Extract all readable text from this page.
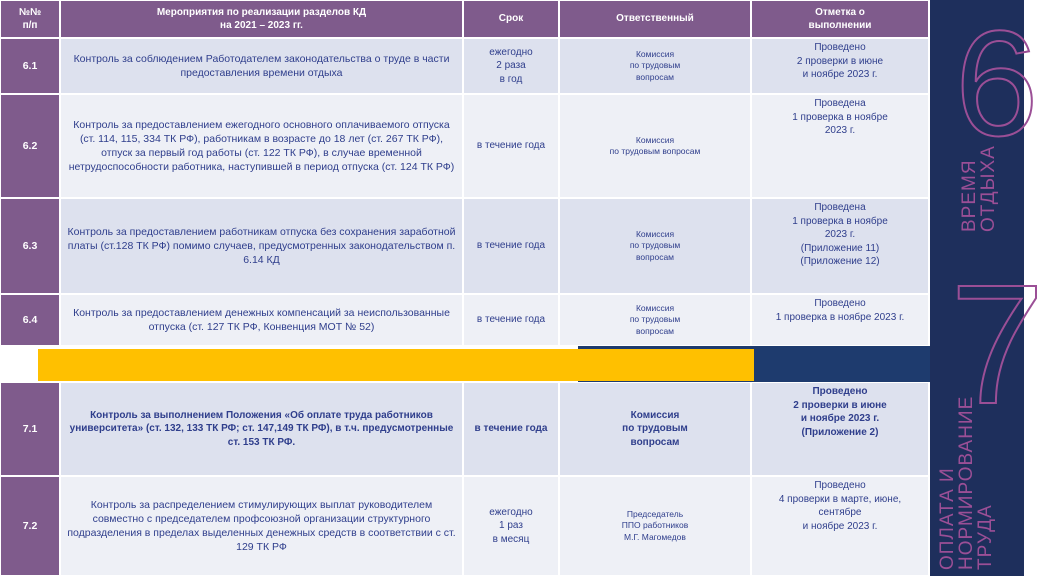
6
ВРЕМЯ
ОТДЫХА
7
ОПЛАТА И
НОРМИРОВАНИЕ
ТРУДА
№№
п/п
Мероприятия по реализации разделов КД
на 2021 – 2023 гг.
Срок	Ответственный
Отметка о
выполнении
6.1
Контроль за соблюдением Работодателем законодательства о труде в части предоставления времени отдыха
ежегодно
2 раза
в год
Комиссия
по трудовым
вопросам
Проведено
2 проверки в июне
и ноябре 2023 г.
6.2
Контроль за предоставлением ежегодного основного оплачиваемого отпуска (ст. 114, 115, 334 ТК РФ), работникам в возрасте до 18 лет (ст. 267 ТК РФ), отпуск за первый год работы (ст. 122 ТК РФ), в случае временной нетрудоспособности работника, наступившей в период отпуска (ст. 124 ТК РФ)
в течение года
Комиссия
по трудовым вопросам
Проведена
1 проверка в ноябре
2023 г.
6.3
Контроль за предоставлением работникам отпуска без сохранения заработной платы (ст.128 ТК РФ) помимо случаев, предусмотренных законодательством п. 6.14 КД
в течение года
Комиссия
по трудовым
вопросам
Проведена
1 проверка в ноябре
2023 г.
(Приложение 11)
(Приложение 12)
6.4
Контроль за предоставлением денежных компенсаций за неиспользованные отпуска (ст. 127 ТК РФ, Конвенция МОТ № 52)
в течение года
Комиссия
по трудовым
вопросам
Проведено
1 проверка в ноябре 2023 г.
7.1
Контроль за выполнением Положения «Об оплате труда работников университета» (ст. 132, 133 ТК РФ; ст. 147,149 ТК РФ), в т.ч. предусмотренные ст. 153 ТК РФ.
в течение года
Комиссия
по трудовым
вопросам
Проведено
2 проверки в июне
и ноябре 2023 г.
(Приложение 2)
7.2
Контроль за распределением стимулирующих выплат руководителем совместно с председателем профсоюзной организации структурного подразделения в пределах выделенных денежных средств в соответствии с ст. 129 ТК РФ
ежегодно
1 раз
в месяц
Председатель
ППО работников
М.Г. Магомедов
Проведено
4 проверки в марте, июне,
сентябре
и ноябре 2023 г.
